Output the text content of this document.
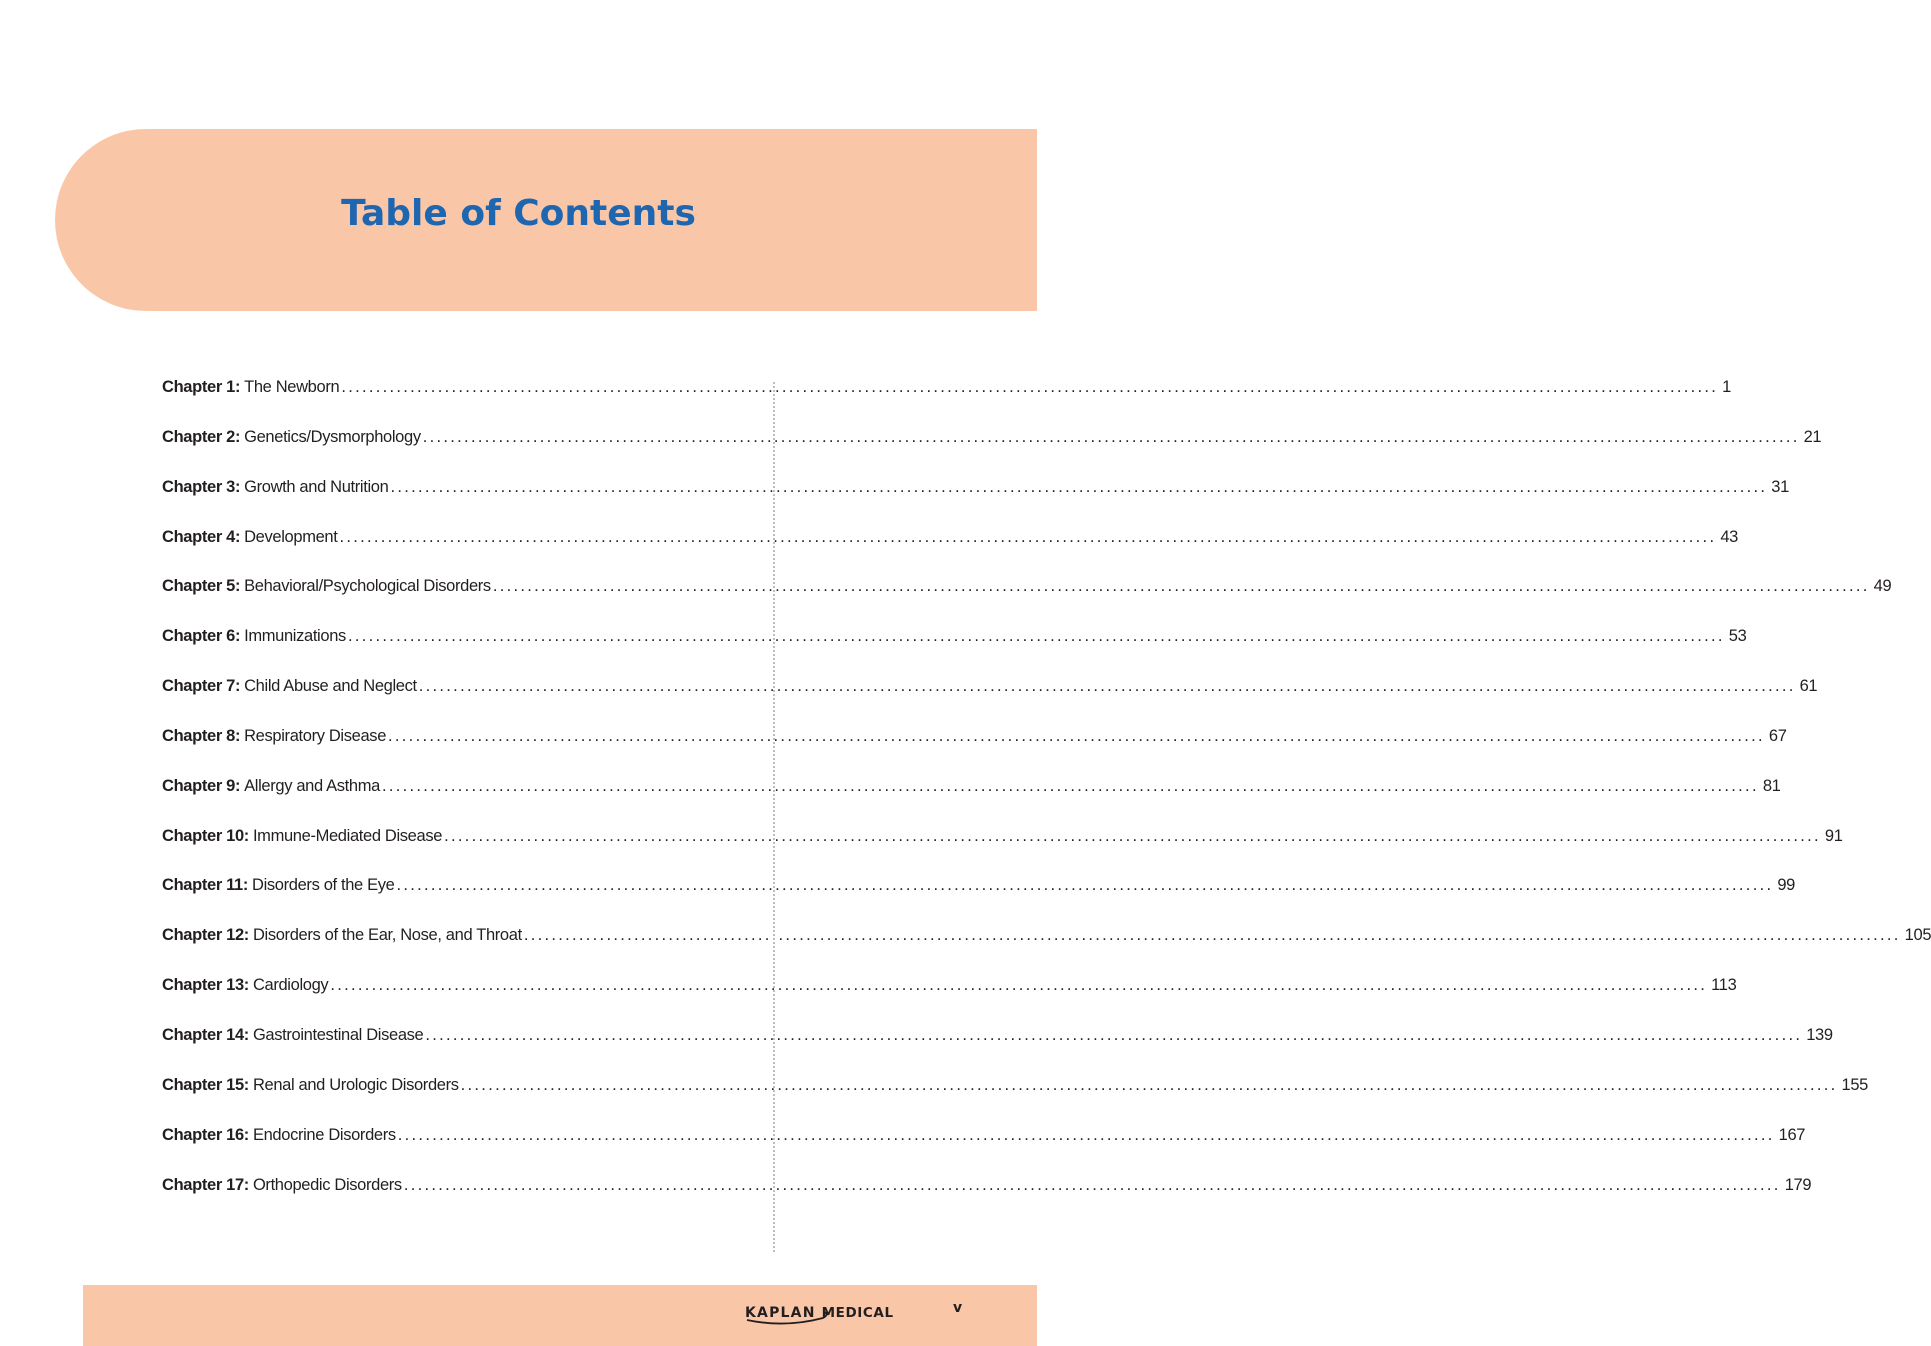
Table of Contents
Chapter 1: The Newborn ........................................................................................................................................................................................................ 1
Chapter 2: Genetics/Dysmorphology ........................................................................................................................................................................................................ 21
Chapter 3: Growth and Nutrition ........................................................................................................................................................................................................ 31
Chapter 4: Development ........................................................................................................................................................................................................ 43
Chapter 5: Behavioral/Psychological Disorders ........................................................................................................................................................................................................ 49
Chapter 6: Immunizations ........................................................................................................................................................................................................ 53
Chapter 7: Child Abuse and Neglect ........................................................................................................................................................................................................ 61
Chapter 8: Respiratory Disease ........................................................................................................................................................................................................ 67
Chapter 9: Allergy and Asthma ........................................................................................................................................................................................................ 81
Chapter 10: Immune-Mediated Disease ........................................................................................................................................................................................................ 91
Chapter 11: Disorders of the Eye ........................................................................................................................................................................................................ 99
Chapter 12: Disorders of the Ear, Nose, and Throat ........................................................................................................................................................................................................ 105
Chapter 13: Cardiology ........................................................................................................................................................................................................ 113
Chapter 14: Gastrointestinal Disease ........................................................................................................................................................................................................ 139
Chapter 15: Renal and Urologic Disorders ........................................................................................................................................................................................................ 155
Chapter 16: Endocrine Disorders ........................................................................................................................................................................................................ 167
Chapter 17: Orthopedic Disorders ........................................................................................................................................................................................................ 179
KAPLAN MEDICAL	v
